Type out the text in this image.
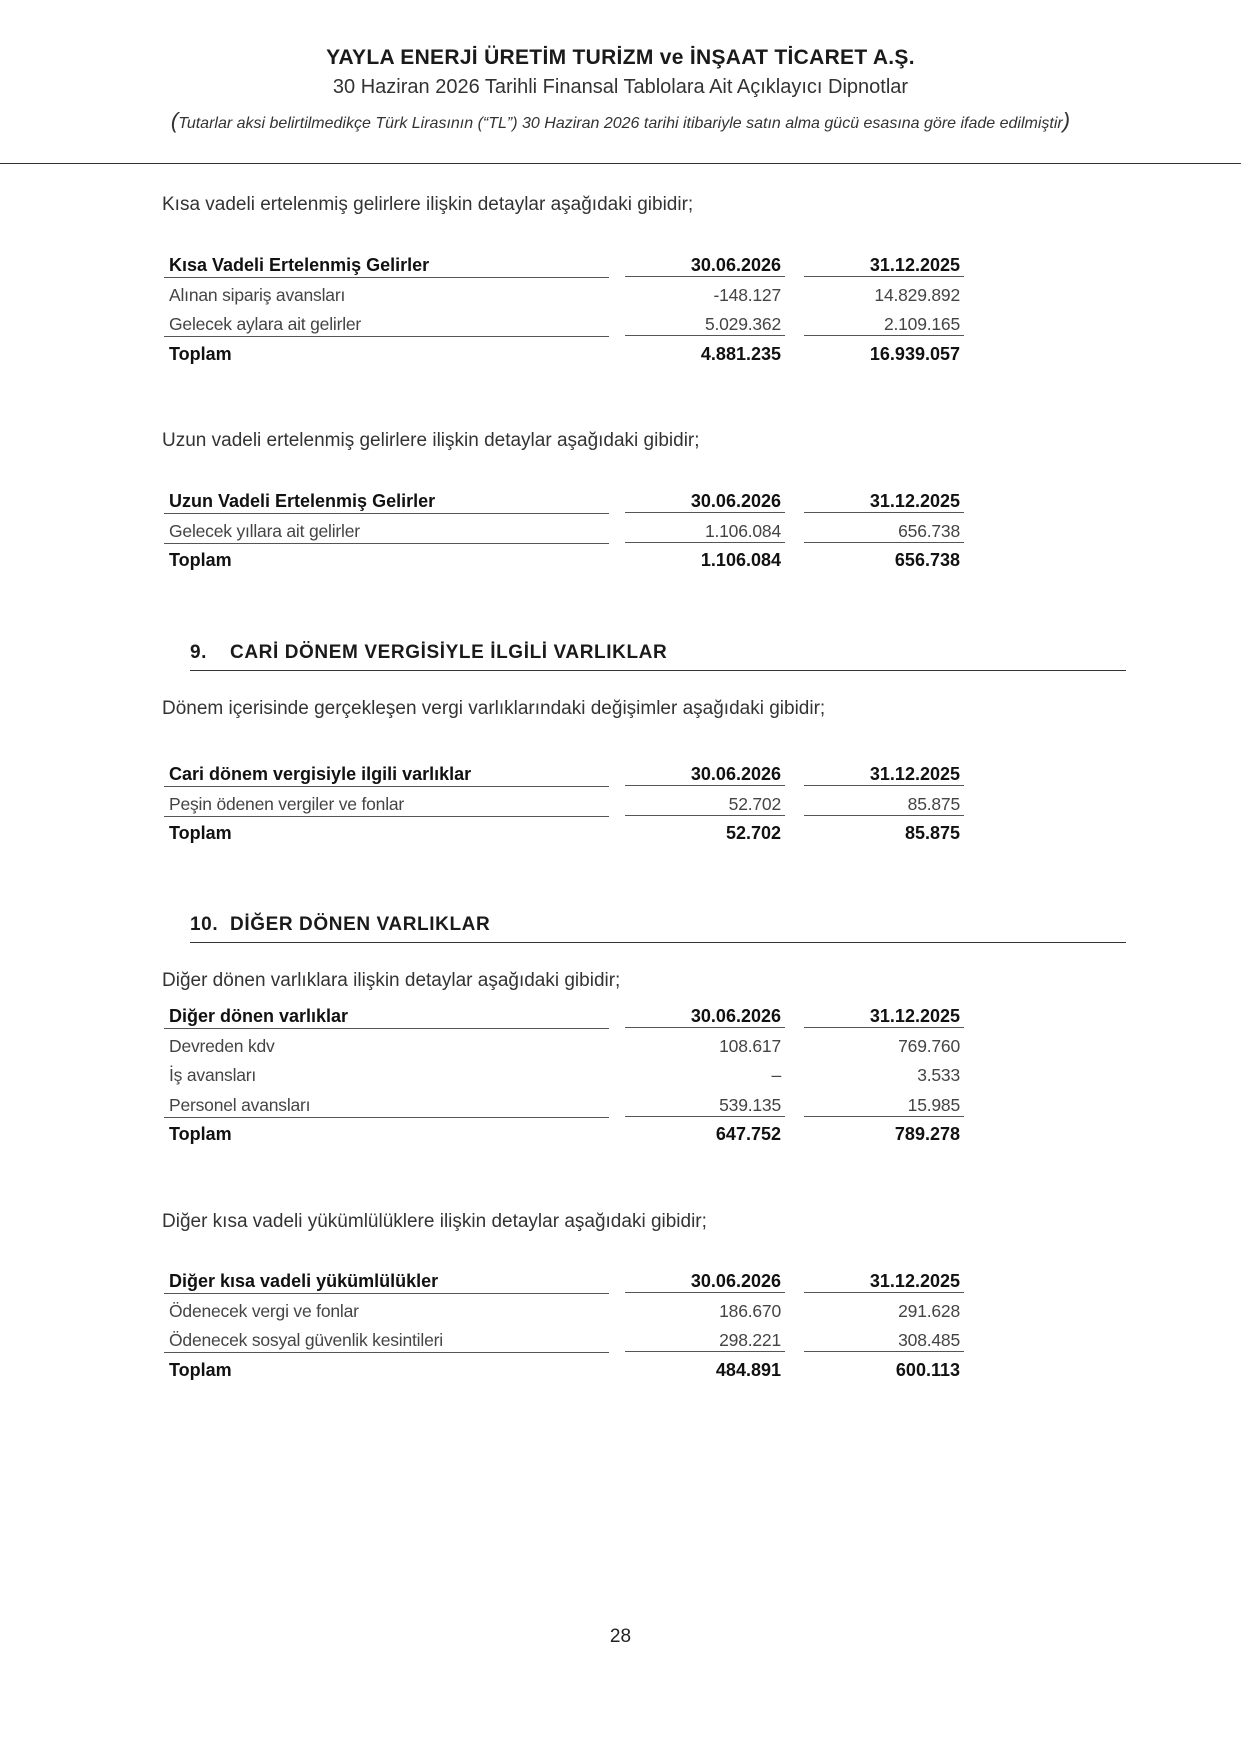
YAYLA ENERJİ ÜRETİM TURİZM ve İNŞAAT TİCARET A.Ş.
30 Haziran 2026 Tarihli Finansal Tablolara Ait Açıklayıcı Dipnotlar
(Tutarlar aksi belirtilmedikçe Türk Lirasının (“TL”) 30 Haziran 2026 tarihi itibariyle satın alma gücü esasına göre ifade edilmiştir)
Kısa vadeli ertelenmiş gelirlere ilişkin detaylar aşağıdaki gibidir;
Kısa Vadeli Ertelenmiş Gelirler	30.06.2026	31.12.2025
Alınan sipariş avansları	-148.127	14.829.892
Gelecek aylara ait gelirler	5.029.362	2.109.165
Toplam	4.881.235	16.939.057
Uzun vadeli ertelenmiş gelirlere ilişkin detaylar aşağıdaki gibidir;
Uzun Vadeli Ertelenmiş Gelirler	30.06.2026	31.12.2025
Gelecek yıllara ait gelirler	1.106.084	656.738
Toplam	1.106.084	656.738
9. CARİ DÖNEM VERGİSİYLE İLGİLİ VARLIKLAR
Dönem içerisinde gerçekleşen vergi varlıklarındaki değişimler aşağıdaki gibidir;
Cari dönem vergisiyle ilgili varlıklar	30.06.2026	31.12.2025
Peşin ödenen vergiler ve fonlar	52.702	85.875
Toplam	52.702	85.875
10. DİĞER DÖNEN VARLIKLAR
Diğer dönen varlıklara ilişkin detaylar aşağıdaki gibidir;
Diğer dönen varlıklar	30.06.2026	31.12.2025
Devreden kdv	108.617	769.760
İş avansları	–	3.533
Personel avansları	539.135	15.985
Toplam	647.752	789.278
Diğer kısa vadeli yükümlülüklere ilişkin detaylar aşağıdaki gibidir;
Diğer kısa vadeli yükümlülükler	30.06.2026	31.12.2025
Ödenecek vergi ve fonlar	186.670	291.628
Ödenecek sosyal güvenlik kesintileri	298.221	308.485
Toplam	484.891	600.113
28
